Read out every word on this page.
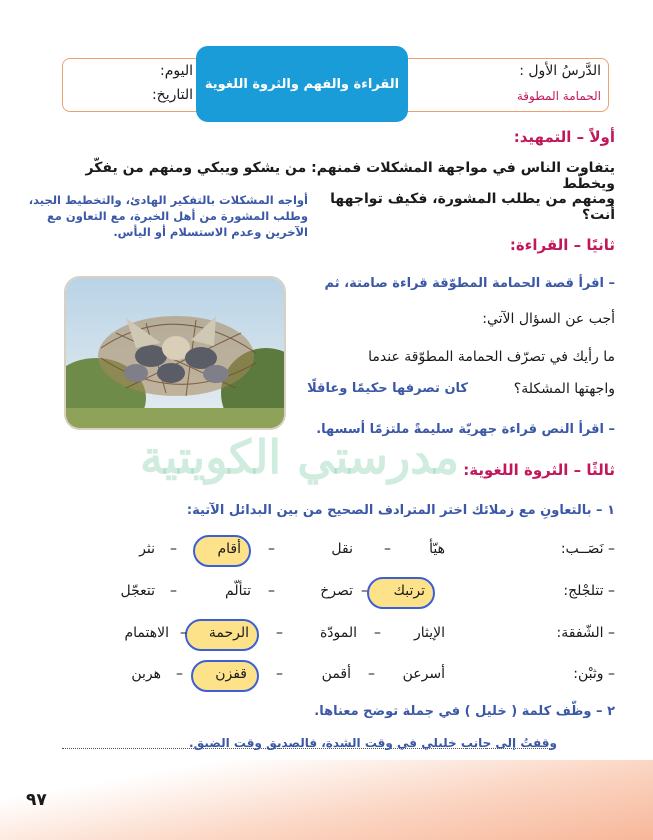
الدَّرسُ الأول :
الحمامة المطوقة
القراءة والفهم والثروة اللغوية
اليوم:
التاريخ:
أولاً – التمهيد:
يتفاوت الناس في مواجهة المشكلات فمنهم: من يشكو ويبكي ومنهم من يفكّر ويخطّط
ومنهم من يطلب المشورة، فكيف تواجهها أنت؟
أواجه المشكلات بالتفكير الهادئ، والتخطيط الجيد، وطلب المشورة من أهل الخبرة، مع التعاون مع الآخرين وعدم الاستسلام أو اليأس.
ثانيًا – القراءة:
– اقرأ قصة الحمامة المطوّقة قراءة صامتة، ثم
أجب عن السؤال الآتي:
ما رأيك في تصرّف الحمامة المطوّقة عندما
واجهتها المشكلة؟
كان تصرفها حكيمًا وعاقلًا
– اقرأ النص قراءة جهريّة سليمةً ملتزمًا أسسها.
مدرستي الكويتية ثالثًا – الثروة اللغوية:
١ – بالتعاونِ مع زملائك اختر المترادف الصحيح من بين البدائل الآتية:
– نَصَــب:
هيّأ
–
نقل
–
أقام
–
نثر
– تتلجْلج:
تصرخ – ترتبك
–
تتألّم
–
تتعجّل
– الشّفقة:
الإيثار
–
المودّة
–
الرحمة
–
الاهتمام
– وثبْن:
أسرعن
–
أقمن
–
قفزن
–
هربن
٢ – وظّف كلمة ( خليل ) في جملة توضح معناها.
وقفتُ إلى جانب خليلي في وقت الشدة، فالصديق وقت الضيق.
٩٧
